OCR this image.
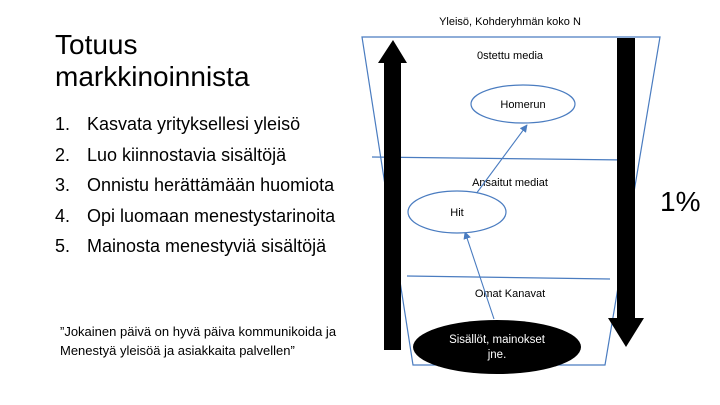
Totuus
markkinoinnista
1. Kasvata yrityksellesi yleisö
2. Luo kiinnostavia sisältöjä
3. Onnistu herättämään huomiota
4. Opi luomaan menestystarinoita
5. Mainosta menestyviä sisältöjä
”Jokainen päivä on hyvä päiva kommunikoida ja
Menestyä yleisöä ja asiakkaita palvellen”
1%
Yleisö, Kohderyhmän koko N
0stettu media
Ansaitut mediat
Omat Kanavat
Homerun
Hit
Sisällöt, mainokset
jne.
